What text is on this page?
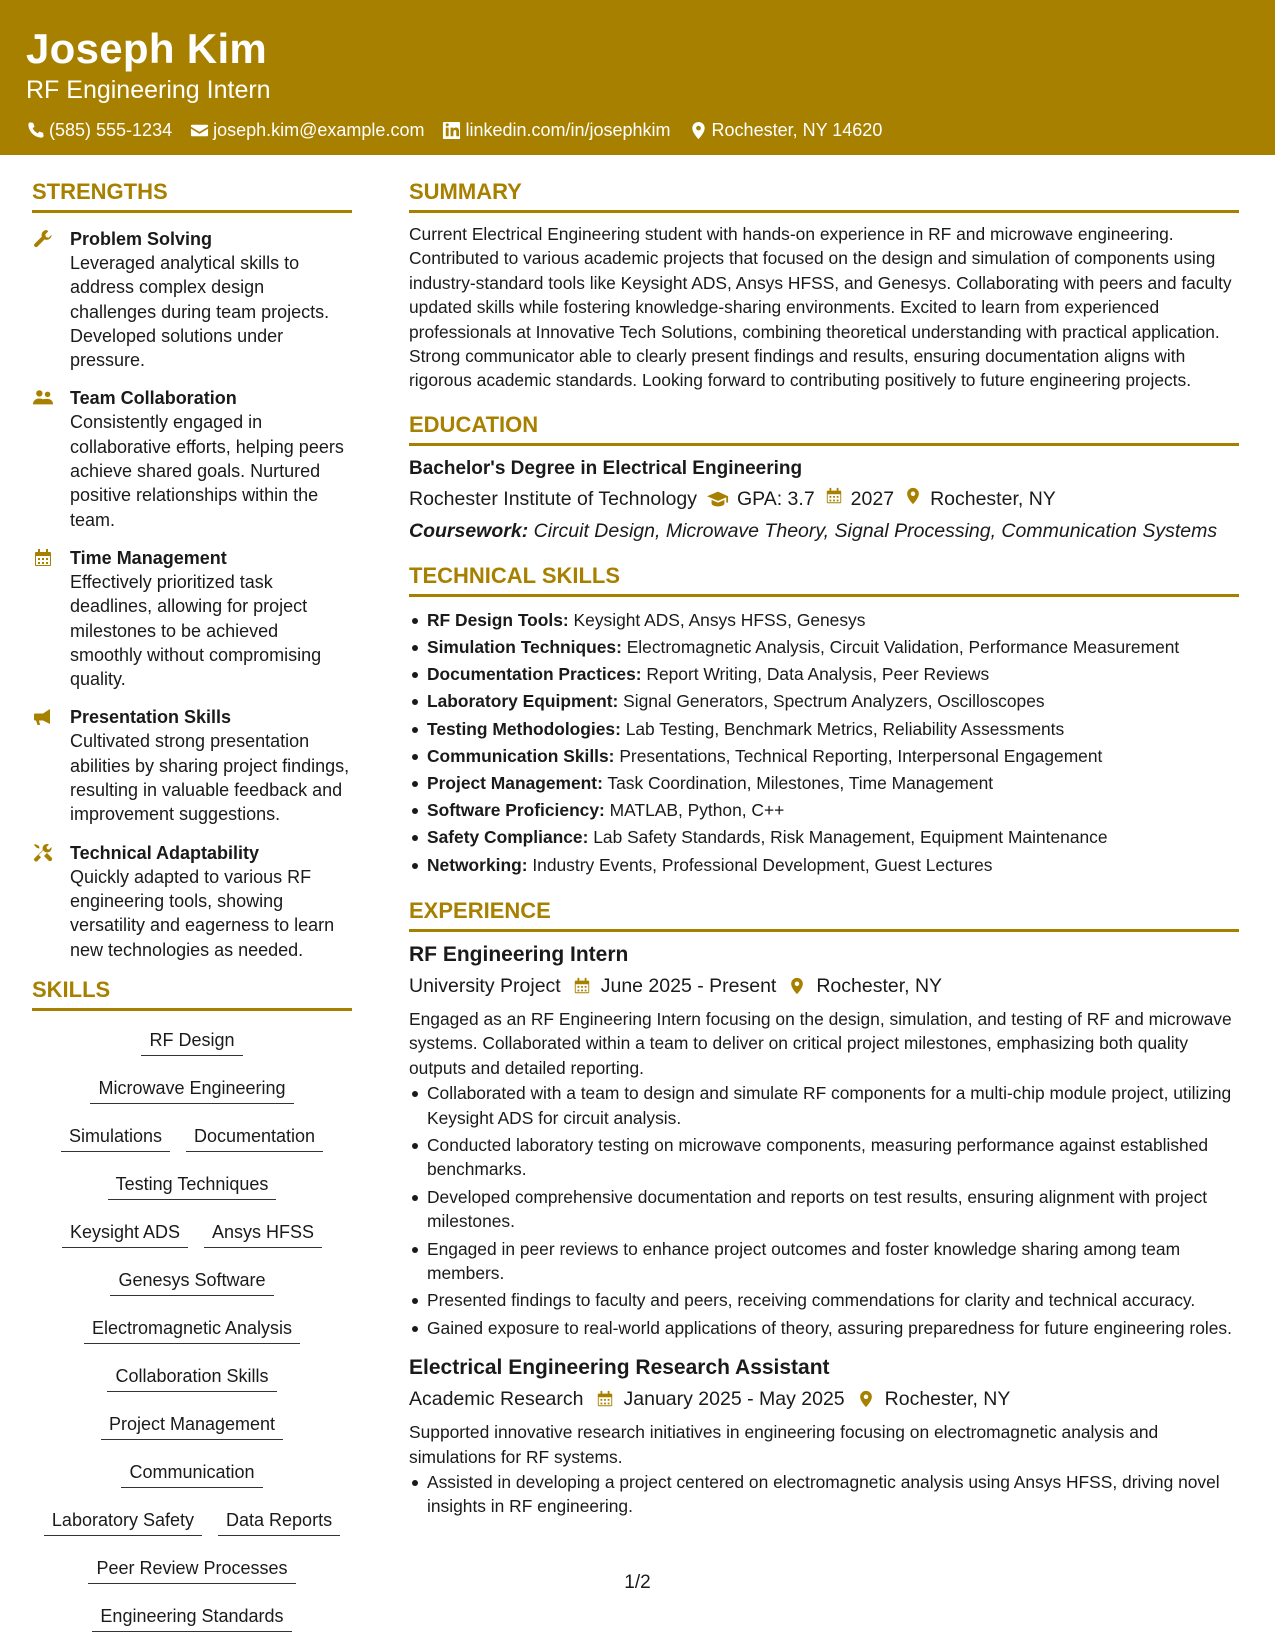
Joseph Kim
RF Engineering Intern
(585) 555-1234 joseph.kim@example.com linkedin.com/in/josephkim Rochester, NY 14620
STRENGTHS
Problem Solving
Leveraged analytical skills to address complex design challenges during team projects. Developed solutions under pressure.
Team Collaboration
Consistently engaged in collaborative efforts, helping peers achieve shared goals. Nurtured positive relationships within the team.
Time Management
Effectively prioritized task deadlines, allowing for project milestones to be achieved smoothly without compromising quality.
Presentation Skills
Cultivated strong presentation abilities by sharing project findings, resulting in valuable feedback and improvement suggestions.
Technical Adaptability
Quickly adapted to various RF engineering tools, showing versatility and eagerness to learn new technologies as needed.
SKILLS
RF Design
Microwave Engineering
Simulations	Documentation
Testing Techniques
Keysight ADS	Ansys HFSS
Genesys Software
Electromagnetic Analysis
Collaboration Skills
Project Management
Communication
Laboratory Safety	Data Reports
Peer Review Processes
Engineering Standards
SUMMARY
Current Electrical Engineering student with hands-on experience in RF and microwave engineering. Contributed to various academic projects that focused on the design and simulation of components using industry-standard tools like Keysight ADS, Ansys HFSS, and Genesys. Collaborating with peers and faculty updated skills while fostering knowledge-sharing environments. Excited to learn from experienced professionals at Innovative Tech Solutions, combining theoretical understanding with practical application. Strong communicator able to clearly present findings and results, ensuring documentation aligns with rigorous academic standards. Looking forward to contributing positively to future engineering projects.
EDUCATION
Bachelor's Degree in Electrical Engineering
Rochester Institute of Technology GPA: 3.7 2027 Rochester, NY
Coursework: Circuit Design, Microwave Theory, Signal Processing, Communication Systems
TECHNICAL SKILLS
RF Design Tools: Keysight ADS, Ansys HFSS, Genesys
Simulation Techniques: Electromagnetic Analysis, Circuit Validation, Performance Measurement
Documentation Practices: Report Writing, Data Analysis, Peer Reviews
Laboratory Equipment: Signal Generators, Spectrum Analyzers, Oscilloscopes
Testing Methodologies: Lab Testing, Benchmark Metrics, Reliability Assessments
Communication Skills: Presentations, Technical Reporting, Interpersonal Engagement
Project Management: Task Coordination, Milestones, Time Management
Software Proficiency: MATLAB, Python, C++
Safety Compliance: Lab Safety Standards, Risk Management, Equipment Maintenance
Networking: Industry Events, Professional Development, Guest Lectures
EXPERIENCE
RF Engineering Intern
University Project June 2025 - Present Rochester, NY
Engaged as an RF Engineering Intern focusing on the design, simulation, and testing of RF and microwave systems. Collaborated within a team to deliver on critical project milestones, emphasizing both quality outputs and detailed reporting.
Collaborated with a team to design and simulate RF components for a multi-chip module project, utilizing Keysight ADS for circuit analysis.
Conducted laboratory testing on microwave components, measuring performance against established benchmarks.
Developed comprehensive documentation and reports on test results, ensuring alignment with project milestones.
Engaged in peer reviews to enhance project outcomes and foster knowledge sharing among team members.
Presented findings to faculty and peers, receiving commendations for clarity and technical accuracy.
Gained exposure to real-world applications of theory, assuring preparedness for future engineering roles.
Electrical Engineering Research Assistant
Academic Research January 2025 - May 2025 Rochester, NY
Supported innovative research initiatives in engineering focusing on electromagnetic analysis and simulations for RF systems.
Assisted in developing a project centered on electromagnetic analysis using Ansys HFSS, driving novel insights in RF engineering.
1/2
